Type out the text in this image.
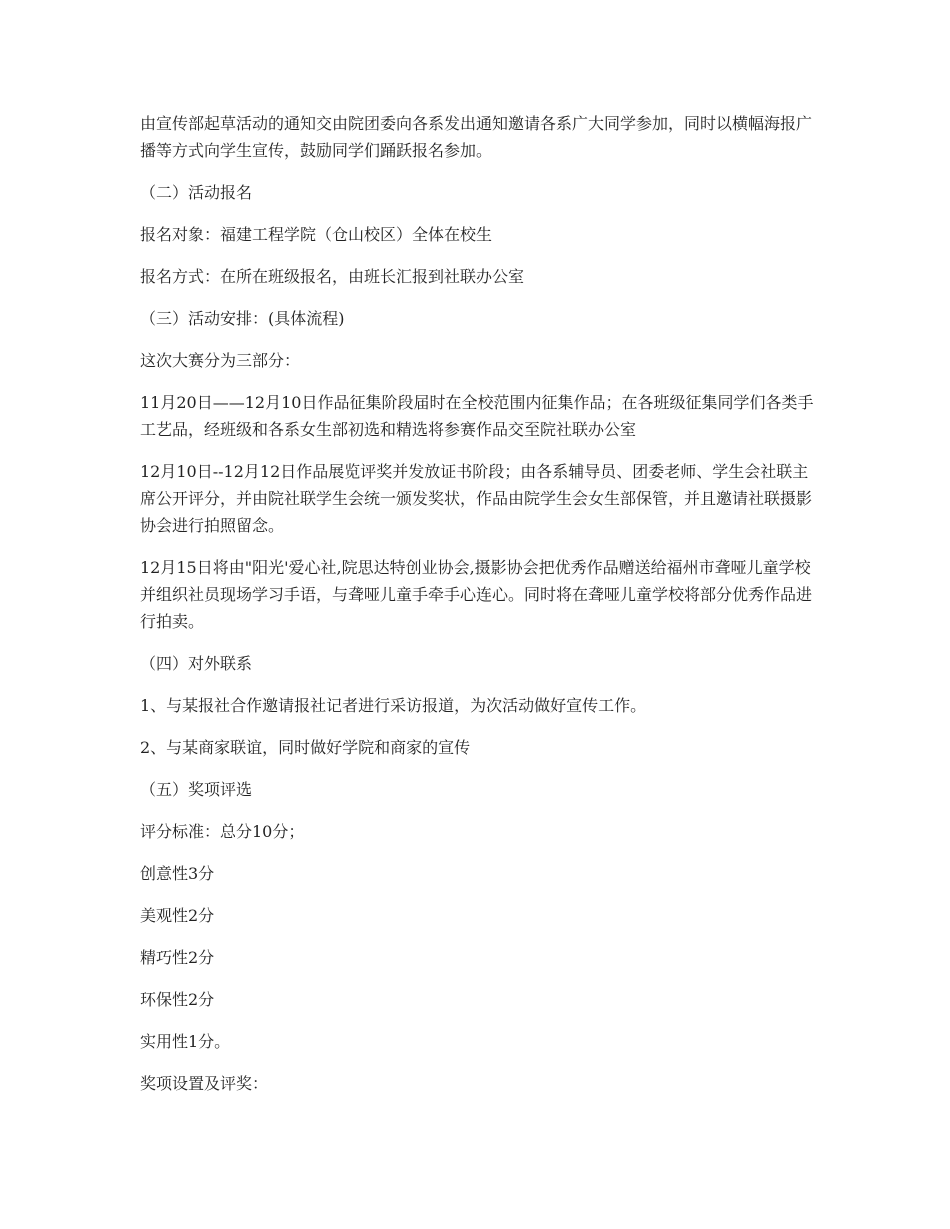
由宣传部起草活动的通知交由院团委向各系发出通知邀请各系广大同学参加，同时以横幅海报广播等方式向学生宣传，鼓励同学们踊跃报名参加。

（二）活动报名

报名对象：福建工程学院（仓山校区）全体在校生

报名方式：在所在班级报名，由班长汇报到社联办公室

（三）活动安排：(具体流程)

这次大赛分为三部分：

11月20日——12月10日作品征集阶段届时在全校范围内征集作品；在各班级征集同学们各类手工艺品，经班级和各系女生部初选和精选将参赛作品交至院社联办公室

12月10日--12月12日作品展览评奖并发放证书阶段；由各系辅导员、团委老师、学生会社联主席公开评分，并由院社联学生会统一颁发奖状，作品由院学生会女生部保管，并且邀请社联摄影协会进行拍照留念。

12月15日将由"阳光'爱心社,院思达特创业协会,摄影协会把优秀作品赠送给福州市聋哑儿童学校并组织社员现场学习手语，与聋哑儿童手牵手心连心。同时将在聋哑儿童学校将部分优秀作品进行拍卖。

（四）对外联系

1、与某报社合作邀请报社记者进行采访报道，为次活动做好宣传工作。

2、与某商家联谊，同时做好学院和商家的宣传

（五）奖项评选

评分标准：总分10分；

创意性3分

美观性2分

精巧性2分

环保性2分

实用性1分。

奖项设置及评奖：
